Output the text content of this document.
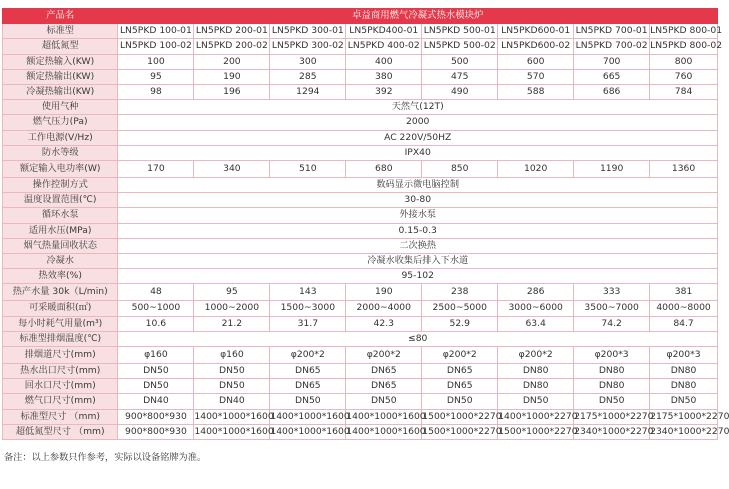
产品名	卓益商用燃气冷凝式热水模块炉							
标准型	LN5PKD 100-01	LN5PKD 200-01	LN5PKD 300-01	LN5PKD400-01	LN5PKD 500-01	LN5PKD600-01	LN5PKD 700-01	LN5PKD 800-01
超低氮型	LN5PKD 100-02	LN5PKD 200-02	LN5PKD 300-02	LN5PKD 400-02	LN5PKD 500-02	LN5PKD600-02	LN5PKD 700-02	LN5PKD 800-02
额定热输入(KW)	100	200	300	400	500	600	700	800
额定热输出(KW)	95	190	285	380	475	570	665	760
冷凝热输出(KW)	98	196	1294	392	490	588	686	784
使用气种	天然气(12T)							
燃气压力(Pa)	2000							
工作电源(V/Hz)	AC 220V/50HZ							
防水等级	IPX40							
额定输入电功率(W)	170	340	510	680	850	1020	1190	1360
操作控制方式	数码显示微电脑控制							
温度设置范围(℃)	30-80							
循环水泵	外接水泵							
适用水压(MPa)	0.15-0.3							
烟气热量回收状态	二次换热							
冷凝水	冷凝水收集后排入下水道							
热效率(%)	95-102							
热产水量 30k（L/min)	48	95	143	190	238	286	333	381
可采暖面积(㎡)	500~1000	1000~2000	1500~3000	2000~4000	2500~5000	3000~6000	3500~7000	4000~8000
每小时耗气用量(m³)	10.6	21.2	31.7	42.3	52.9	63.4	74.2	84.7
标准型排烟温度(℃)	≤80							
排烟道尺寸(mm)	φ160	φ160	φ200*2	φ200*2	φ200*2	φ200*2	φ200*3	φ200*3
热水出口尺寸(mm)	DN50	DN50	DN65	DN65	DN65	DN80	DN80	DN80
回水口尺寸(mm)	DN50	DN50	DN65	DN65	DN65	DN80	DN80	DN80
燃气口尺寸(mm)	DN40	DN40	DN50	DN50	DN50	DN50	DN50	DN50
标准型尺寸 （mm)	900*800*930	1400*1000*1600	1400*1000*1600	1400*1000*1600	1500*1000*2270	1400*1000*2270	2175*1000*2270	2175*1000*2270
超低氮型尺寸 （mm)	900*800*930	1400*1000*1600	1400*1000*1600	1400*1000*1600	1500*1000*2270	1500*1000*2270	2340*1000*2270	2340*1000*2270
备注：以上参数只作参考，实际以设备铭牌为准。
